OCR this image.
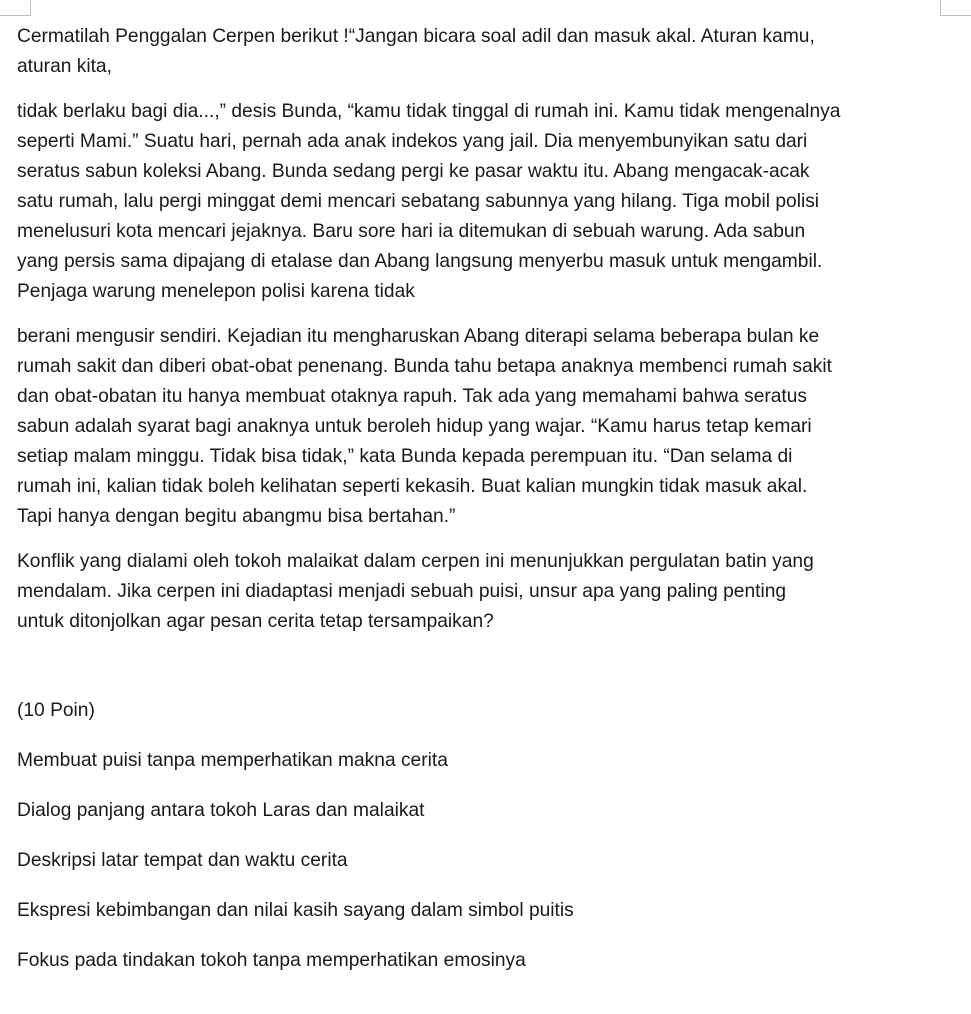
Cermatilah Penggalan Cerpen berikut !“Jangan bicara soal adil dan masuk akal. Aturan kamu,
aturan kita,

tidak berlaku bagi dia...,” desis Bunda, “kamu tidak tinggal di rumah ini. Kamu tidak mengenalnya
seperti Mami.” Suatu hari, pernah ada anak indekos yang jail. Dia menyembunyikan satu dari
seratus sabun koleksi Abang. Bunda sedang pergi ke pasar waktu itu. Abang mengacak-acak
satu rumah, lalu pergi minggat demi mencari sebatang sabunnya yang hilang. Tiga mobil polisi
menelusuri kota mencari jejaknya. Baru sore hari ia ditemukan di sebuah warung. Ada sabun
yang persis sama dipajang di etalase dan Abang langsung menyerbu masuk untuk mengambil.
Penjaga warung menelepon polisi karena tidak

berani mengusir sendiri. Kejadian itu mengharuskan Abang diterapi selama beberapa bulan ke
rumah sakit dan diberi obat-obat penenang. Bunda tahu betapa anaknya membenci rumah sakit
dan obat-obatan itu hanya membuat otaknya rapuh. Tak ada yang memahami bahwa seratus
sabun adalah syarat bagi anaknya untuk beroleh hidup yang wajar. “Kamu harus tetap kemari
setiap malam minggu. Tidak bisa tidak,” kata Bunda kepada perempuan itu. “Dan selama di
rumah ini, kalian tidak boleh kelihatan seperti kekasih. Buat kalian mungkin tidak masuk akal.
Tapi hanya dengan begitu abangmu bisa bertahan.”

Konflik yang dialami oleh tokoh malaikat dalam cerpen ini menunjukkan pergulatan batin yang
mendalam. Jika cerpen ini diadaptasi menjadi sebuah puisi, unsur apa yang paling penting
untuk ditonjolkan agar pesan cerita tetap tersampaikan?

(10 Poin)

Membuat puisi tanpa memperhatikan makna cerita
Dialog panjang antara tokoh Laras dan malaikat
Deskripsi latar tempat dan waktu cerita
Ekspresi kebimbangan dan nilai kasih sayang dalam simbol puitis
Fokus pada tindakan tokoh tanpa memperhatikan emosinya
